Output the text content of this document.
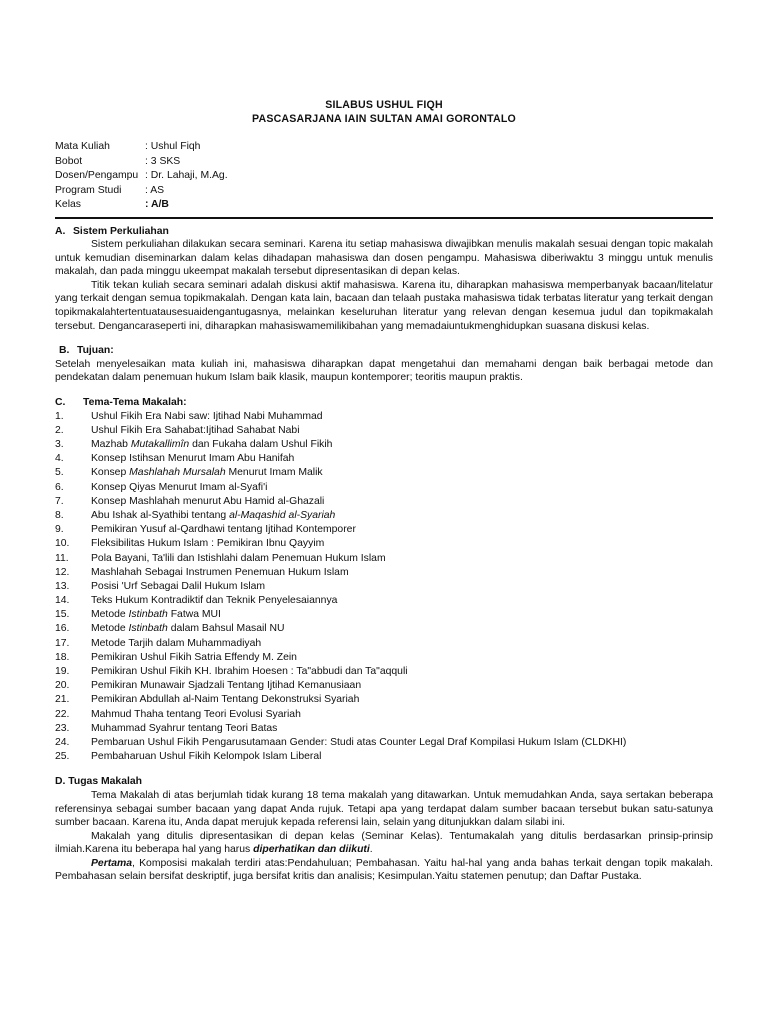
SILABUS USHUL FIQH
PASCASARJANA IAIN SULTAN AMAI GORONTALO
Mata Kuliah	: Ushul Fiqh
Bobot	: 3 SKS
Dosen/Pengampu : Dr. Lahaji, M.Ag.
Program Studi	: AS
Kelas	: A/B
A. Sistem Perkuliahan
Sistem perkuliahan dilakukan secara seminari. Karena itu setiap mahasiswa diwajibkan menulis makalah sesuai dengan topic makalah untuk kemudian diseminarkan dalam kelas dihadapan mahasiswa dan dosen pengampu. Mahasiswa diberiwaktu 3 minggu untuk menulis makalah, dan pada minggu ukeempat makalah tersebut dipresentasikan di depan kelas.
Titik tekan kuliah secara seminari adalah diskusi aktif mahasiswa. Karena itu, diharapkan mahasiswa memperbanyak bacaan/litelatur yang terkait dengan semua topikmakalah. Dengan kata lain, bacaan dan telaah pustaka mahasiswa tidak terbatas literatur yang terkait dengan topikmakalahtertentuatausesuaidengantugasnya, melainkan keseluruhan literatur yang relevan dengan kesemua judul dan topikmakalah tersebut. Dengancaraseperti ini, diharapkan mahasiswamemilikibahan yang memadaiuntukmenghidupkan suasana diskusi kelas.
B. Tujuan:
Setelah menyelesaikan mata kuliah ini, mahasiswa diharapkan dapat mengetahui dan memahami dengan baik berbagai metode dan pendekatan dalam penemuan hukum Islam baik klasik, maupun kontemporer; teoritis maupun praktis.
C. Tema-Tema Makalah:
1.	Ushul Fikih Era Nabi saw: Ijtihad Nabi Muhammad
2.	Ushul Fikih Era Sahabat:Ijtihad Sahabat Nabi
3.	Mazhab Mutakallimîn dan Fukaha dalam Ushul Fikih
4.	Konsep Istihsan Menurut Imam Abu Hanifah
5.	Konsep Mashlahah Mursalah Menurut Imam Malik
6.	Konsep Qiyas Menurut Imam al-Syafi'i
7.	Konsep Mashlahah menurut Abu Hamid al-Ghazali
8.	Abu Ishak al-Syathibi tentang al-Maqashid al-Syariah
9.	Pemikiran Yusuf al-Qardhawi tentang Ijtihad Kontemporer
10.	Fleksibilitas Hukum Islam : Pemikiran Ibnu Qayyim
11.	Pola Bayani, Ta'lili dan Istishlahi dalam Penemuan Hukum Islam
12.	Mashlahah Sebagai Instrumen Penemuan Hukum Islam
13.	Posisi 'Urf Sebagai Dalil Hukum Islam
14.	Teks Hukum Kontradiktif dan Teknik Penyelesaiannya
15.	Metode Istinbath Fatwa MUI
16.	Metode Istinbath dalam Bahsul Masail NU
17.	Metode Tarjih dalam Muhammadiyah
18.	Pemikiran Ushul Fikih Satria Effendy M. Zein
19.	Pemikiran Ushul Fikih KH. Ibrahim Hoesen : Ta"abbudi dan Ta"aqquli
20.	Pemikiran Munawair Sjadzali Tentang Ijtihad Kemanusiaan
21.	Pemikiran Abdullah al-Naim Tentang Dekonstruksi Syariah
22.	Mahmud Thaha tentang Teori Evolusi Syariah
23.	Muhammad Syahrur tentang Teori Batas
24.	Pembaruan Ushul Fikih Pengarusutamaan Gender: Studi atas Counter Legal Draf Kompilasi Hukum Islam (CLDKHI)
25.	Pembaharuan Ushul Fikih Kelompok Islam Liberal
D. Tugas Makalah
Tema Makalah di atas berjumlah tidak kurang 18 tema makalah yang ditawarkan. Untuk memudahkan Anda, saya sertakan beberapa referensinya sebagai sumber bacaan yang dapat Anda rujuk. Tetapi apa yang terdapat dalam sumber bacaan tersebut bukan satu-satunya sumber bacaan. Karena itu, Anda dapat merujuk kepada referensi lain, selain yang ditunjukkan dalam silabi ini.
Makalah yang ditulis dipresentasikan di depan kelas (Seminar Kelas). Tentumakalah yang ditulis berdasarkan prinsip-prinsip ilmiah.Karena itu beberapa hal yang harus diperhatikan dan diikuti.
Pertama, Komposisi makalah terdiri atas:Pendahuluan; Pembahasan. Yaitu hal-hal yang anda bahas terkait dengan topik makalah. Pembahasan selain bersifat deskriptif, juga bersifat kritis dan analisis; Kesimpulan.Yaitu statemen penutup; dan Daftar Pustaka.
